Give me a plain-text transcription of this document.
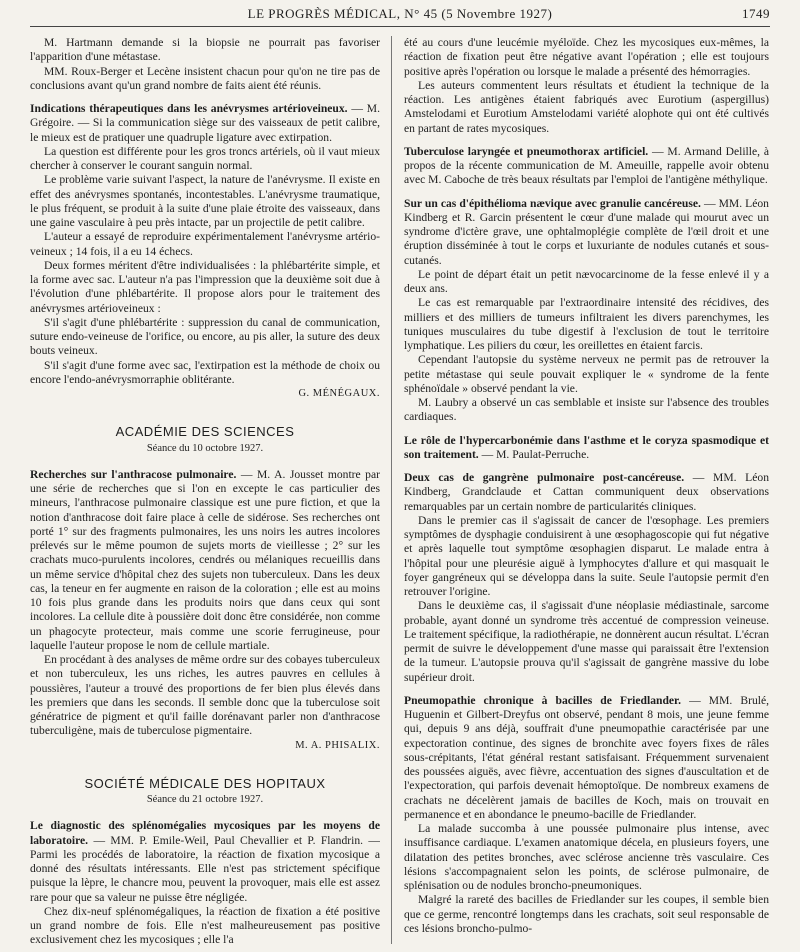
LE PROGRÈS MÉDICAL, N° 45 (5 Novembre 1927)	1749

M. Hartmann demande si la biopsie ne pourrait pas favoriser l'apparition d'une métastase.

MM. Roux-Berger et Lecène insistent chacun pour qu'on ne tire pas de conclusions avant qu'un grand nombre de faits aient été réunis.

Indications thérapeutiques dans les anévrysmes artérioveineux. — M. Grégoire. — Si la communication siège sur des vaisseaux de petit calibre, le mieux est de pratiquer une quadruple ligature avec extirpation.

La question est différente pour les gros troncs artériels, où il vaut mieux chercher à conserver le courant sanguin normal.

Le problème varie suivant l'aspect, la nature de l'anévrysme. Il existe en effet des anévrysmes spontanés, incontestables. L'anévrysme traumatique, le plus fréquent, se produit à la suite d'une plaie étroite des vaisseaux, dans une gaine vasculaire à peu près intacte, par un projectile de petit calibre.

L'auteur a essayé de reproduire expérimentalement l'anévrysme artério-veineux ; 14 fois, il a eu 14 échecs.

Deux formes méritent d'être individualisées : la phlébartérite simple, et la forme avec sac. L'auteur n'a pas l'impression que la deuxième soit due à l'évolution d'une phlébartérite. Il propose alors pour le traitement des anévrysmes artérioveineux :

S'il s'agit d'une phlébartérite : suppression du canal de communication, suture endo-veineuse de l'orifice, ou encore, au pis aller, la suture des deux bouts veineux.

S'il s'agit d'une forme avec sac, l'extirpation est la méthode de choix ou encore l'endo-anévrysmorraphie oblitérante.

G. MÉNÉGAUX.

ACADÉMIE DES SCIENCES

Séance du 10 octobre 1927.

Recherches sur l'anthracose pulmonaire. — M. A. Jousset montre par une série de recherches que si l'on en excepte le cas particulier des mineurs, l'anthracose pulmonaire classique est une pure fiction, et que la notion d'anthracose doit faire place à celle de sidérose. Ses recherches ont porté 1° sur des fragments pulmonaires, les uns noirs les autres incolores prélevés sur le même poumon de sujets morts de vieillesse ; 2° sur les crachats muco-purulents incolores, cendrés ou mélaniques recueillis dans un même service d'hôpital chez des sujets non tuberculeux. Dans les deux cas, la teneur en fer augmente en raison de la coloration ; elle est au moins 10 fois plus grande dans les produits noirs que dans ceux qui sont incolores. La cellule dite à poussière doit donc être considérée, non comme un phagocyte protecteur, mais comme une scorie ferrugineuse, pour laquelle l'auteur propose le nom de cellule martiale.

En procédant à des analyses de même ordre sur des cobayes tuberculeux et non tuberculeux, les uns riches, les autres pauvres en cellules à poussières, l'auteur a trouvé des proportions de fer bien plus élevés dans les premiers que dans les seconds. Il semble donc que la tuberculose soit génératrice de pigment et qu'il faille dorénavant parler non d'anthracose tuberculigène, mais de tuberculose pigmentaire.

M. A. PHISALIX.

SOCIÉTÉ MÉDICALE DES HOPITAUX

Séance du 21 octobre 1927.

Le diagnostic des splénomégalies mycosiques par les moyens de laboratoire. — MM. P. Emile-Weil, Paul Chevallier et P. Flandrin. — Parmi les procédés de laboratoire, la réaction de fixation mycosique a donné des résultats intéressants. Elle n'est pas strictement spécifique puisque la lèpre, le chancre mou, peuvent la provoquer, mais elle est assez rare pour que sa valeur ne puisse être négligée.

Chez dix-neuf splénomégaliques, la réaction de fixation a été positive un grand nombre de fois. Elle n'est malheureusement pas positive exclusivement chez les mycosiques ; elle l'a

été au cours d'une leucémie myéloïde. Chez les mycosiques eux-mêmes, la réaction de fixation peut être négative avant l'opération ; elle est toujours positive après l'opération ou lorsque le malade a présenté des hémorragies.

Les auteurs commentent leurs résultats et étudient la technique de la réaction. Les antigènes étaient fabriqués avec Eurotium (aspergillus) Amstelodami et Eurotium Amstelodami variété alophote qui ont été cultivés en partant de rates mycosiques.

Tuberculose laryngée et pneumothorax artificiel. — M. Armand Delille, à propos de la récente communication de M. Ameuille, rappelle avoir obtenu avec M. Caboche de très beaux résultats par l'emploi de l'antigène méthylique.

Sur un cas d'épithélioma nævique avec granulie cancéreuse. — MM. Léon Kindberg et R. Garcin présentent le cœur d'une malade qui mourut avec un syndrome d'ictère grave, une ophtalmoplégie complète de l'œil droit et une éruption disséminée à tout le corps et luxuriante de nodules cutanés et sous-cutanés.

Le point de départ était un petit nævocarcinome de la fesse enlevé il y a deux ans.

Le cas est remarquable par l'extraordinaire intensité des récidives, des milliers et des milliers de tumeurs infiltraient les divers parenchymes, les tuniques musculaires du tube digestif à l'exclusion de tout le territoire lymphatique. Les piliers du cœur, les oreillettes en étaient farcis.

Cependant l'autopsie du système nerveux ne permit pas de retrouver la petite métastase qui seule pouvait expliquer le « syndrome de la fente sphénoïdale » observé pendant la vie.

M. Laubry a observé un cas semblable et insiste sur l'absence des troubles cardiaques.

Le rôle de l'hypercarbonémie dans l'asthme et le coryza spasmodique et son traitement. — M. Paulat-Perruche.

Deux cas de gangrène pulmonaire post-cancéreuse. — MM. Léon Kindberg, Grandclaude et Cattan communiquent deux observations remarquables par un certain nombre de particularités cliniques.

Dans le premier cas il s'agissait de cancer de l'œsophage. Les premiers symptômes de dysphagie conduisirent à une œsophagoscopie qui fut négative et après laquelle tout symptôme œsophagien disparut. Le malade entra à l'hôpital pour une pleurésie aiguë à lymphocytes d'allure et qui masquait le foyer gangréneux qui se développa dans la suite. Seule l'autopsie permit d'en retrouver l'origine.

Dans le deuxième cas, il s'agissait d'une néoplasie médiastinale, sarcome probable, ayant donné un syndrome très accentué de compression veineuse. Le traitement spécifique, la radiothérapie, ne donnèrent aucun résultat. L'écran permit de suivre le développement d'une masse qui paraissait être l'extension de la tumeur. L'autopsie prouva qu'il s'agissait de gangrène massive du lobe supérieur droit.

Pneumopathie chronique à bacilles de Friedlander. — MM. Brulé, Huguenin et Gilbert-Dreyfus ont observé, pendant 8 mois, une jeune femme qui, depuis 9 ans déjà, souffrait d'une pneumopathie caractérisée par une expectoration continue, des signes de bronchite avec foyers fixes de râles sous-crépitants, l'état général restant satisfaisant. Fréquemment survenaient des poussées aiguës, avec fièvre, accentuation des signes d'auscultation et de l'expectoration, qui parfois devenait hémoptoïque. De nombreux examens de crachats ne décelèrent jamais de bacilles de Koch, mais on trouvait en permanence et en abondance le pneumo-bacille de Friedlander.

La malade succomba à une poussée pulmonaire plus intense, avec insuffisance cardiaque. L'examen anatomique décela, en plusieurs foyers, une dilatation des petites bronches, avec sclérose ancienne très vasculaire. Ces lésions s'accompagnaient selon les points, de sclérose pulmonaire, de splénisation ou de nodules broncho-pneumoniques.

Malgré la rareté des bacilles de Friedlander sur les coupes, il semble bien que ce germe, rencontré longtemps dans les crachats, soit seul responsable de ces lésions broncho-pulmo-
